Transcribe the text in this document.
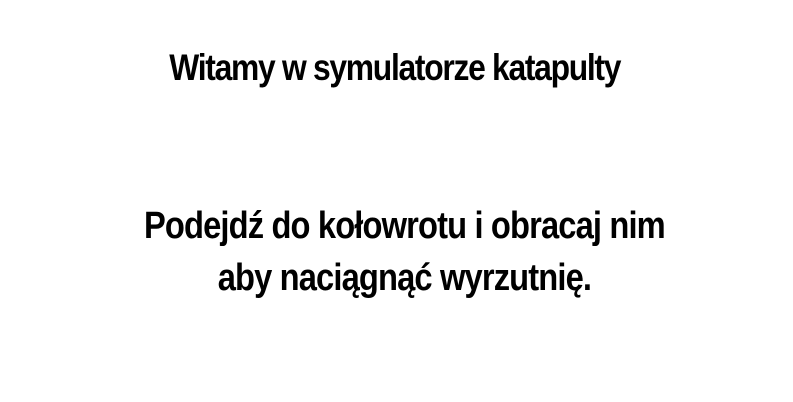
Witamy w symulatorze katapulty
Podejdź do kołowrotu i obracaj nim
aby naciągnąć wyrzutnię.
